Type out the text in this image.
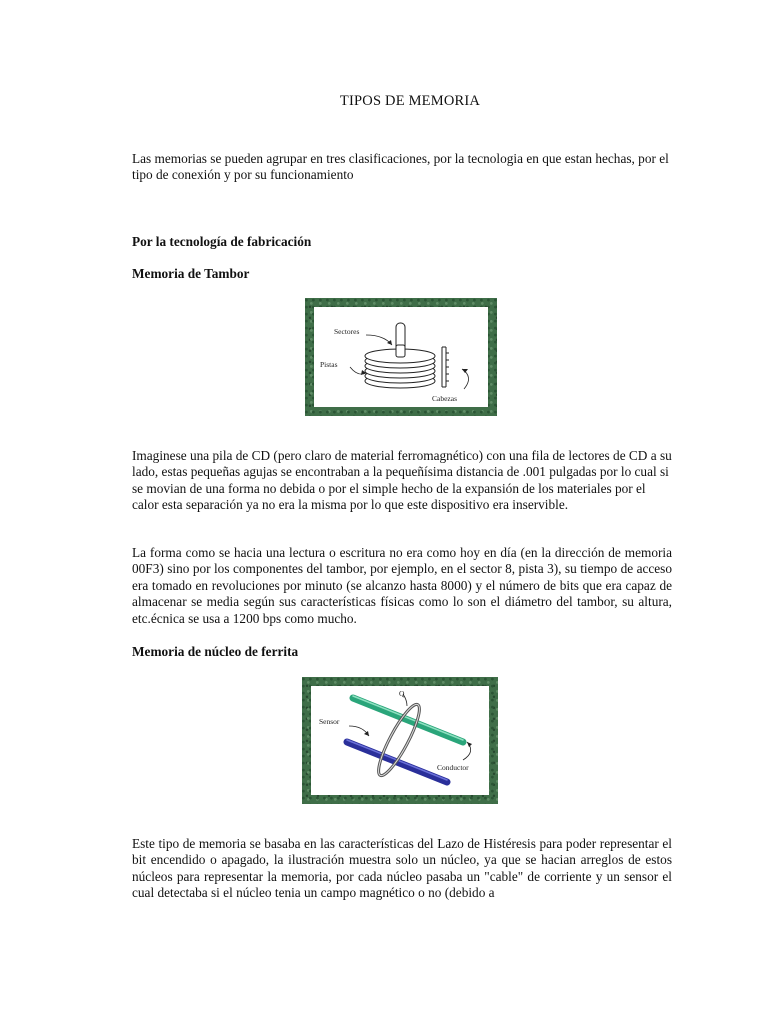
TIPOS DE MEMORIA

Las memorias se pueden agrupar en tres clasificaciones, por la tecnologia en que estan hechas, por el tipo de conexión y por su funcionamiento

Por la tecnología de fabricación
Memoria de Tambor
Sectores
Pistas
Cabezas

Imaginese una pila de CD (pero claro de material ferromagnético) con una fila de lectores de CD a su lado, estas pequeñas agujas se encontraban a la pequeñísima distancia de .001 pulgadas por lo cual si se movian de una forma no debida o por el simple hecho de la expansión de los materiales por el calor esta separación ya no era la misma por lo que este dispositivo era inservible.

La forma como se hacia una lectura o escritura no era como hoy en día (en la dirección de memoria 00F3) sino por los componentes del tambor, por ejemplo, en el sector 8, pista 3), su tiempo de acceso era tomado en revoluciones por minuto (se alcanzo hasta 8000) y el número de bits que era capaz de almacenar se media según sus características físicas como lo son el diámetro del tambor, su altura, etc.écnica se usa a 1200 bps como mucho.

Memoria de núcleo de ferrita
Sensor
Q
Conductor

Este tipo de memoria se basaba en las características del Lazo de Histéresis para poder representar el bit encendido o apagado, la ilustración muestra solo un núcleo, ya que se hacian arreglos de estos núcleos para representar la memoria, por cada núcleo pasaba un "cable" de corriente y un sensor el cual detectaba si el núcleo tenia un campo magnético o no (debido a
